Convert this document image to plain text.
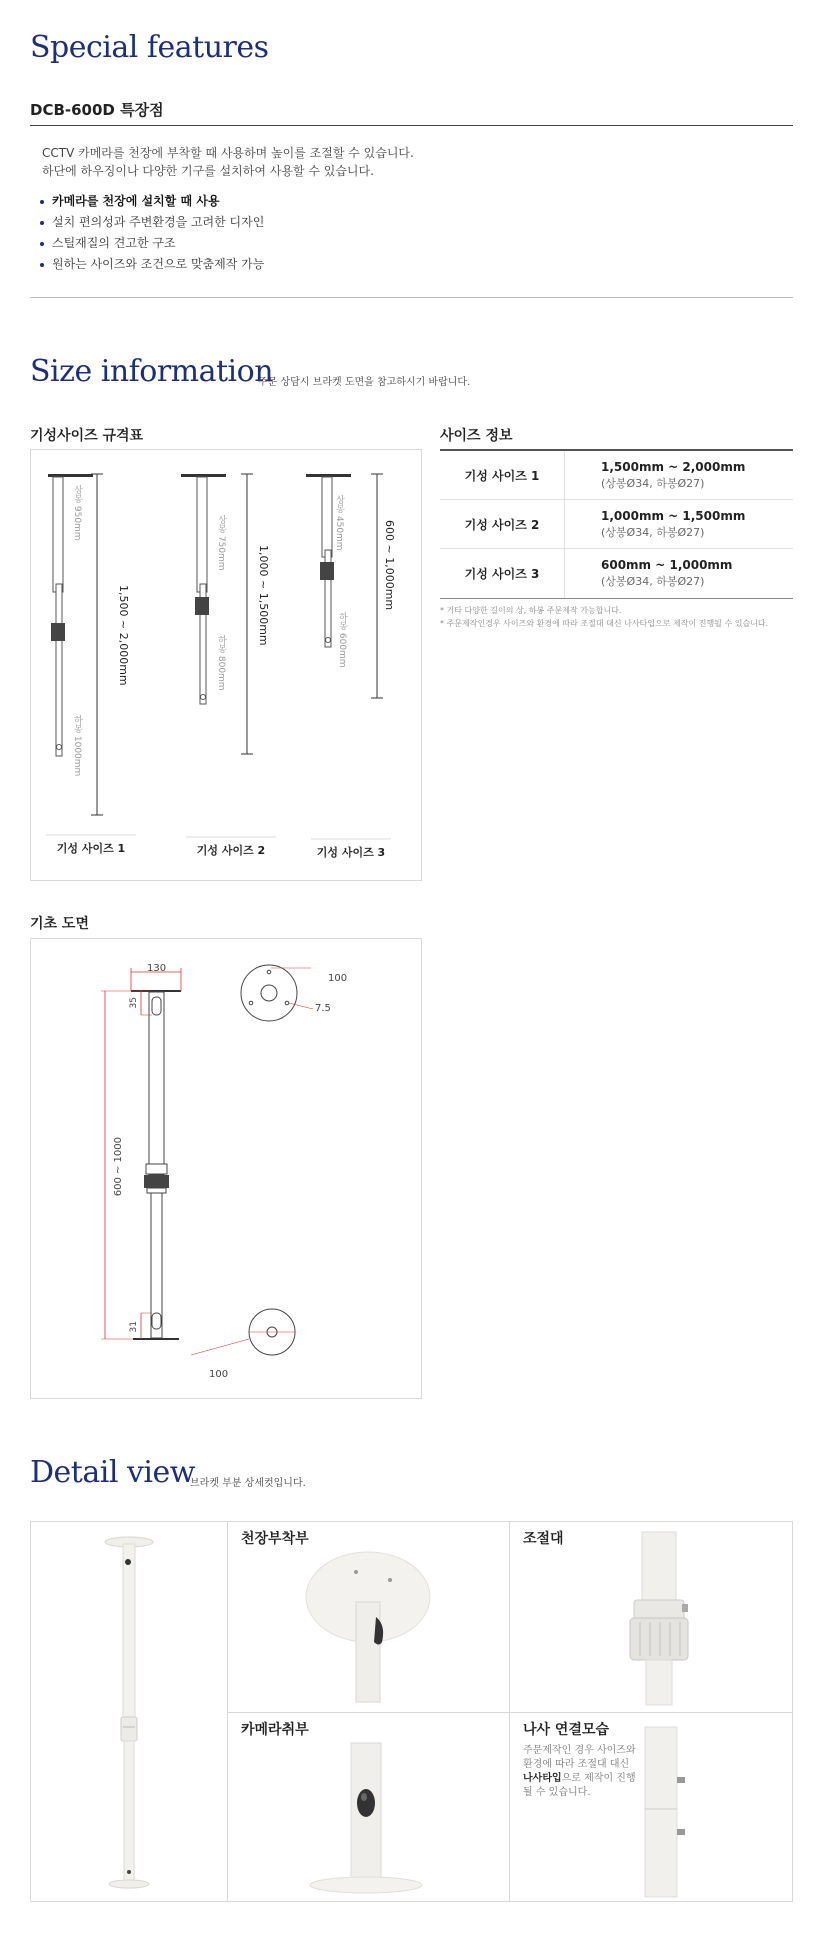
Special features
DCB-600D 특장점
CCTV 카메라를 천장에 부착할 때 사용하며 높이를 조절할 수 있습니다.
하단에 하우징이나 다양한 기구를 설치하여 사용할 수 있습니다.
카메라를 천장에 설치할 때 사용
설치 편의성과 주변환경을 고려한 디자인
스틸재질의 견고한 구조
원하는 사이즈와 조건으로 맞춤제작 가능
Size information
주문 상담시 브라켓 도면을 참고하시기 바랍니다.
기성사이즈 규격표
상봉 950mm
하봉 1000mm
1,500 ~ 2,000mm
상봉 750mm
하봉 800mm
1,000 ~ 1,500mm
상봉 450mm
하봉 600mm
600 ~ 1,000mm
기성 사이즈 1	기성 사이즈 2	기성 사이즈 3
사이즈 정보
기성 사이즈 1
1,500mm ~ 2,000mm
(상봉Ø34, 하봉Ø27)
기성 사이즈 2
1,000mm ~ 1,500mm
(상봉Ø34, 하봉Ø27)
기성 사이즈 3
600mm ~ 1,000mm
(상봉Ø34, 하봉Ø27)
* 기타 다양한 길이의 상, 하봉 주문제작 가능합니다.
* 주문제작인경우 사이즈와 환경에 따라 조절대 대신 나사타입으로 제작이 진행될 수 있습니다.
기초 도면
130
100
7.5
35
600 ~ 1000
31
100
Detail view
브라켓 부분 상세컷입니다.
천장부착부	조절대
카메라취부	나사 연결모습
주문제작인 경우 사이즈와
환경에 따라 조절대 대신
나사타입으로 제작이 진행
될 수 있습니다.
